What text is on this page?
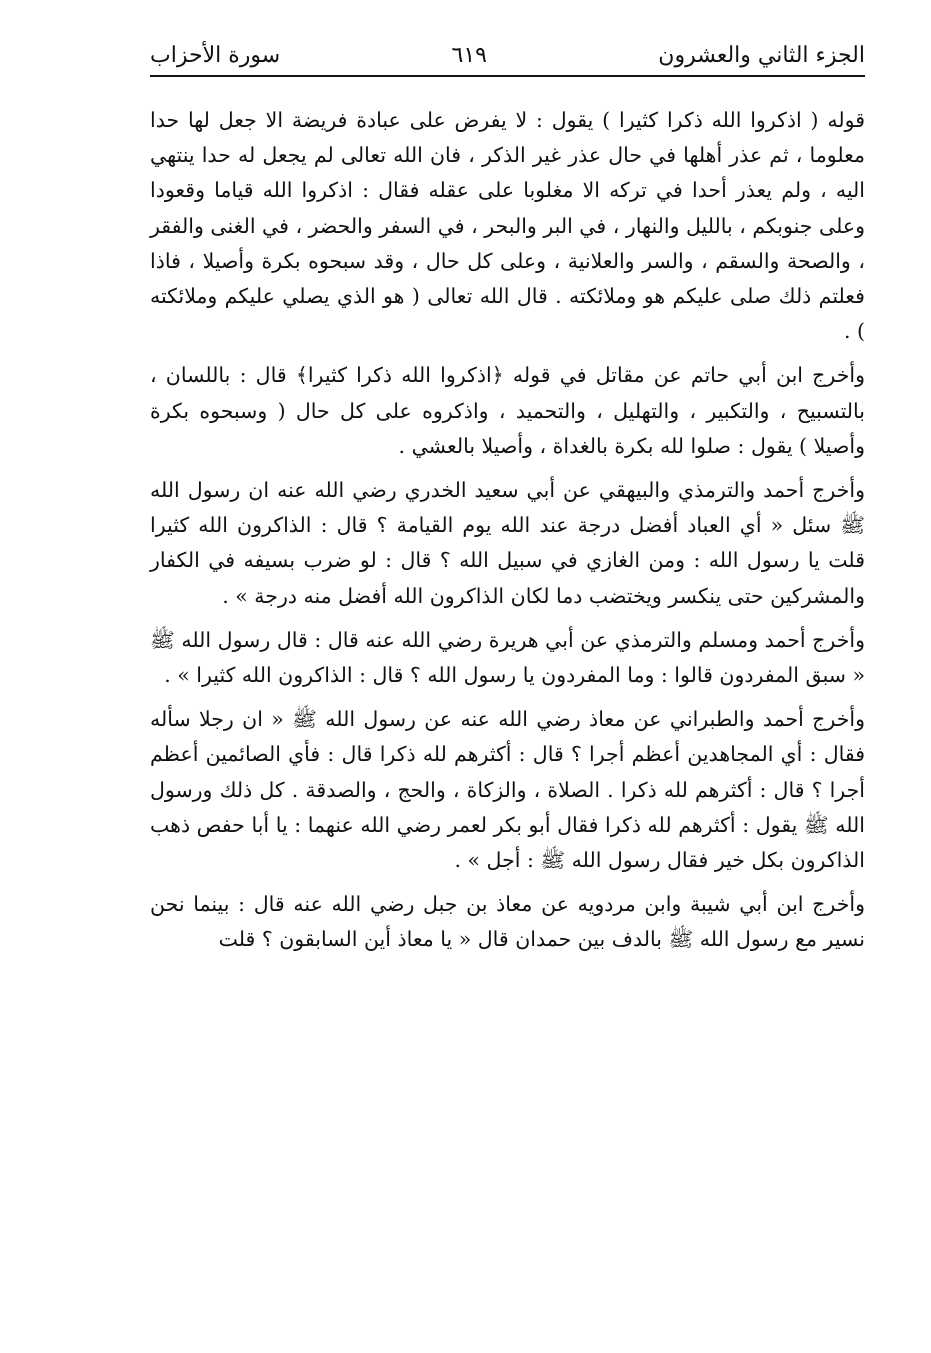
الجزء الثاني والعشرون
٦١٩
سورة الأحزاب

قوله ( اذكروا الله ذكرا كثيرا ) يقول : لا يفرض على عبادة فريضة الا جعل لها حدا معلوما ، ثم عذر أهلها في حال عذر غير الذكر ، فان الله تعالى لم يجعل له حدا ينتهي اليه ، ولم يعذر أحدا في تركه الا مغلوبا على عقله فقال : اذكروا الله قياما وقعودا وعلى جنوبكم ، بالليل والنهار ، في البر والبحر ، في السفر والحضر ، في الغنى والفقر ، والصحة والسقم ، والسر والعلانية ، وعلى كل حال ، وقد سبحوه بكرة وأصيلا ، فاذا فعلتم ذلك صلى عليكم هو وملائكته . قال الله تعالى ( هو الذي يصلي عليكم وملائكته ) .

وأخرج ابن أبي حاتم عن مقاتل في قوله ﴿اذكروا الله ذكرا كثيرا﴾ قال : باللسان ، بالتسبيح ، والتكبير ، والتهليل ، والتحميد ، واذكروه على كل حال ( وسبحوه بكرة وأصيلا ) يقول : صلوا لله بكرة بالغداة ، وأصيلا بالعشي .

وأخرج أحمد والترمذي والبيهقي عن أبي سعيد الخدري رضي الله عنه ان رسول الله ﷺ سئل « أي العباد أفضل درجة عند الله يوم القيامة ؟ قال : الذاكرون الله كثيرا قلت يا رسول الله : ومن الغازي في سبيل الله ؟ قال : لو ضرب بسيفه في الكفار والمشركين حتى ينكسر ويختضب دما لكان الذاكرون الله أفضل منه درجة » .

وأخرج أحمد ومسلم والترمذي عن أبي هريرة رضي الله عنه قال : قال رسول الله ﷺ « سبق المفردون قالوا : وما المفردون يا رسول الله ؟ قال : الذاكرون الله كثيرا » .

وأخرج أحمد والطبراني عن معاذ رضي الله عنه عن رسول الله ﷺ « ان رجلا سأله فقال : أي المجاهدين أعظم أجرا ؟ قال : أكثرهم لله ذكرا قال : فأي الصائمين أعظم أجرا ؟ قال : أكثرهم لله ذكرا . الصلاة ، والزكاة ، والحج ، والصدقة . كل ذلك ورسول الله ﷺ يقول : أكثرهم لله ذكرا فقال أبو بكر لعمر رضي الله عنهما : يا أبا حفص ذهب الذاكرون بكل خير فقال رسول الله ﷺ : أجل » .

وأخرج ابن أبي شيبة وابن مردويه عن معاذ بن جبل رضي الله عنه قال : بينما نحن نسير مع رسول الله ﷺ بالدف بين حمدان قال « يا معاذ أين السابقون ؟ قلت
